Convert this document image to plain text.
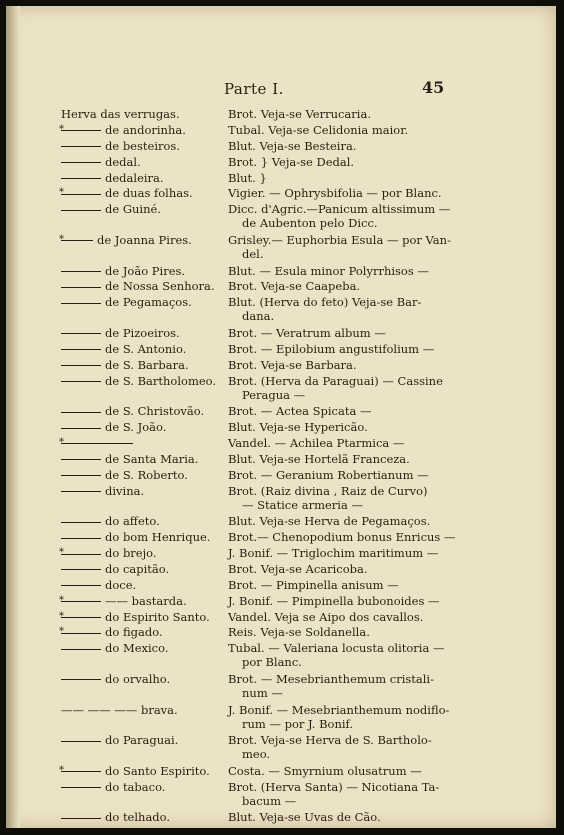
Parte I.	45
Herva das verrugas.	Brot. Veja-se Verrucaria.
*	de andorinha.	Tubal. Veja-se Celidonia maior.
de besteiros.	Blut. Veja-se Besteira.
dedal.	Brot. } Veja-se Dedal.
dedaleira.	Blut. }
*	de duas folhas.	Vigier. — Ophrysbifolia — por Blanc.
de Guiné.	Dicc. d'Agric.—Panicum altissimum —
de Aubenton pelo Dicc.
*	de Joanna Pires.	Grisley.— Euphorbia Esula — por Van-
del.
de João Pires.	Blut. — Esula minor Polyrrhisos —
de Nossa Senhora.	Brot. Veja-se Caapeba.
de Pegamaços.	Blut. (Herva do feto) Veja-se Bar-
dana.
de Pizoeiros.	Brot. — Veratrum album —
de S. Antonio.	Brot. — Epilobium angustifolium —
de S. Barbara.	Brot. Veja-se Barbara.
de S. Bartholomeo.	Brot. (Herva da Paraguai) — Cassine
Peragua —
de S. Christovão.	Brot. — Actea Spicata —
de S. João.	Blut. Veja-se Hypericão.
*	Vandel. — Achilea Ptarmica —
de Santa Maria.	Blut. Veja-se Hortelã Franceza.
de S. Roberto.	Brot. — Geranium Robertianum —
divina.	Brot. (Raiz divina , Raiz de Curvo)
— Statice armeria —
do affeto.	Blut. Veja-se Herva de Pegamaços.
do bom Henrique.	Brot.— Chenopodium bonus Enricus —
*	do brejo.	J. Bonif. — Triglochim maritimum —
do capitão.	Brot. Veja-se Acaricoba.
doce.	Brot. — Pimpinella anisum —
*	—— bastarda.	J. Bonif. — Pimpinella bubonoides —
*	do Espirito Santo.	Vandel. Veja se Aipo dos cavallos.
*	do figado.	Reis. Veja-se Soldanella.
do Mexico.	Tubal. — Valeriana locusta olitoria —
por Blanc.
do orvalho.	Brot. — Mesebrianthemum cristali-
num —
—— —— —— brava.	J. Bonif. — Mesebrianthemum nodiflo-
rum — por J. Bonif.
do Paraguai.	Brot. Veja-se Herva de S. Bartholo-
meo.
*	do Santo Espirito.	Costa. — Smyrnium olusatrum —
do tabaco.	Brot. (Herva Santa) — Nicotiana Ta-
bacum —
do telhado.	Blut. Veja-se Uvas de Cão.
